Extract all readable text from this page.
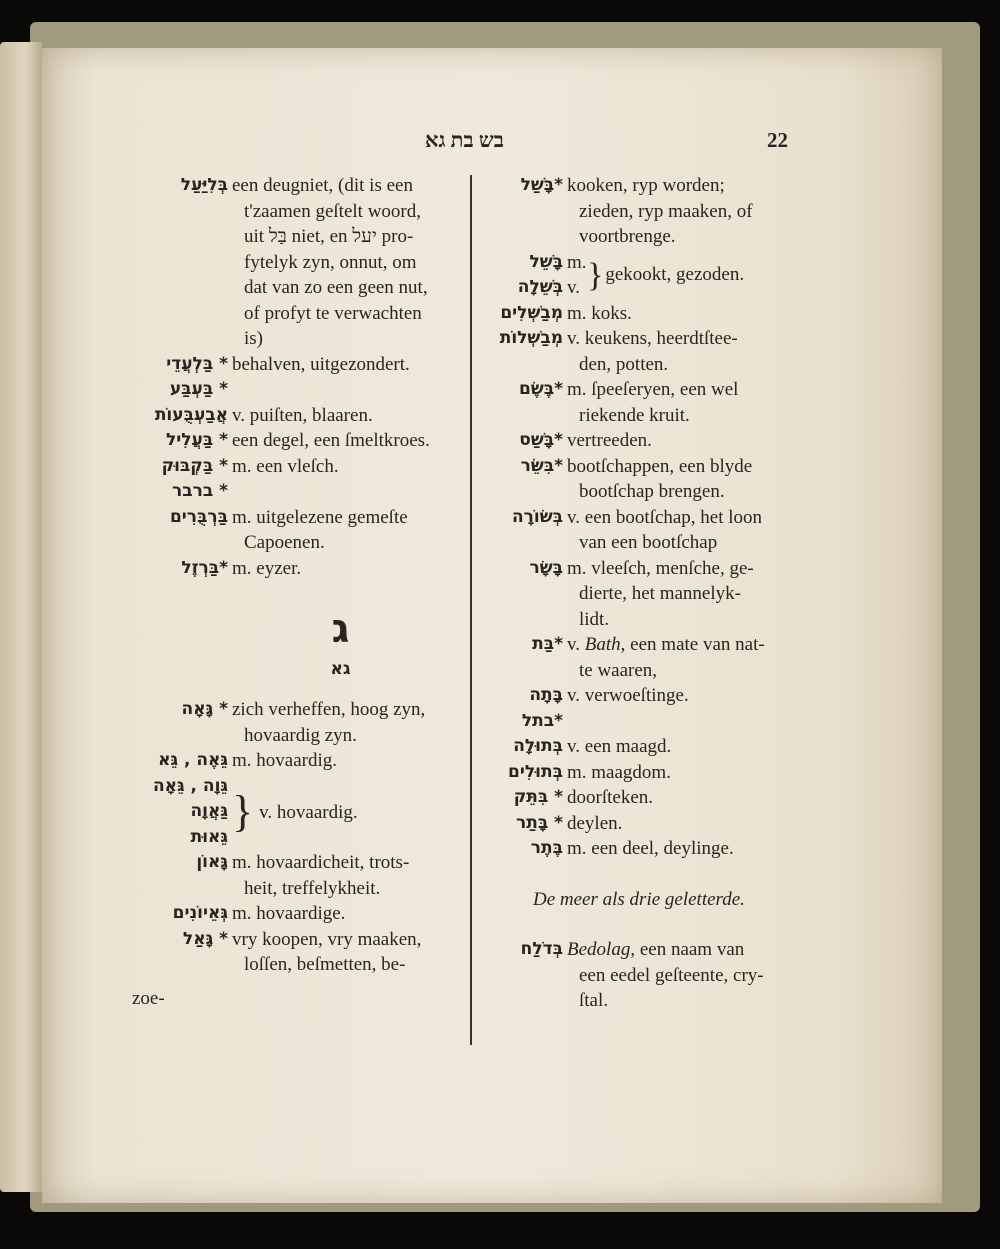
בש בת גא	22
בְּלִיַּעַל een deugniet, (dit is een
t'zaamen geſtelt woord,
uit בַּל niet, en יעל pro-
fytelyk zyn, onnut, om
dat van zo een geen nut,
of profyt te verwachten
is)
* בַּלְעֲדֵי behalven, uitgezondert.
* בַּעְבַּע
אֲבַעְבֻּעוֹת v. puiſten, blaaren.
* בַּעֲלִיל een degel, een ſmeltkroes.
* בַּקְבּוּק m. een vleſch.
* ברבר
בַּרְבֻּרִים m. uitgelezene gemeſte
Capoenen.
*בַּרְזֶל m. eyzer.
ג
גא
* גָּאָה zich verheffen, hoog zyn,
hovaardig zyn.
גֵּאֶה , גֵּא m. hovaardig.
גֵּוָה , גֵּאָה
גַּאֲוָה
גֵּאוּת
} v. hovaardig.
גָּאוֹן m. hovaardicheit, trots-
heit, treffelykheit.
גְּאֵיוֹנִים m. hovaardige.
* גָּאַל vry koopen, vry maaken,
loſſen, beſmetten, be-
zoe-
*בָּשַׁל kooken, ryp worden;
zieden, ryp maaken, of
voortbrenge.
בָּשֵׁל
בְּשֵׁלָה
m.
v. } gekookt, gezoden.
מְבַשְּׁלִים m. koks.
מְבַשְּׁלוֹת v. keukens, heerdtſtee-
den, potten.
*בֶּשֶׂם m. ſpeeſeryen, een wel
riekende kruit.
*בָּשַׁס vertreeden.
*בִּשֵּׂר bootſchappen, een blyde
bootſchap brengen.
בְּשׂוֹרָה v. een bootſchap, het loon
van een bootſchap
בָּשָׂר m. vleeſch, menſche, ge-
dierte, het mannelyk-
lidt.
*בַּת v. Bath, een mate van nat-
te waaren,
בָּתָה v. verwoeſtinge.
*בתל
בְּתוּלָה v. een maagd.
בְּתוּלִים m. maagdom.
* בִּתֵּק doorſteken.
* בָּתַר deylen.
בֶּתֶר m. een deel, deylinge.
De meer als drie geletterde.
בְּדֹלַח Bedolag, een naam van
een eedel geſteente, cry-
ſtal.
